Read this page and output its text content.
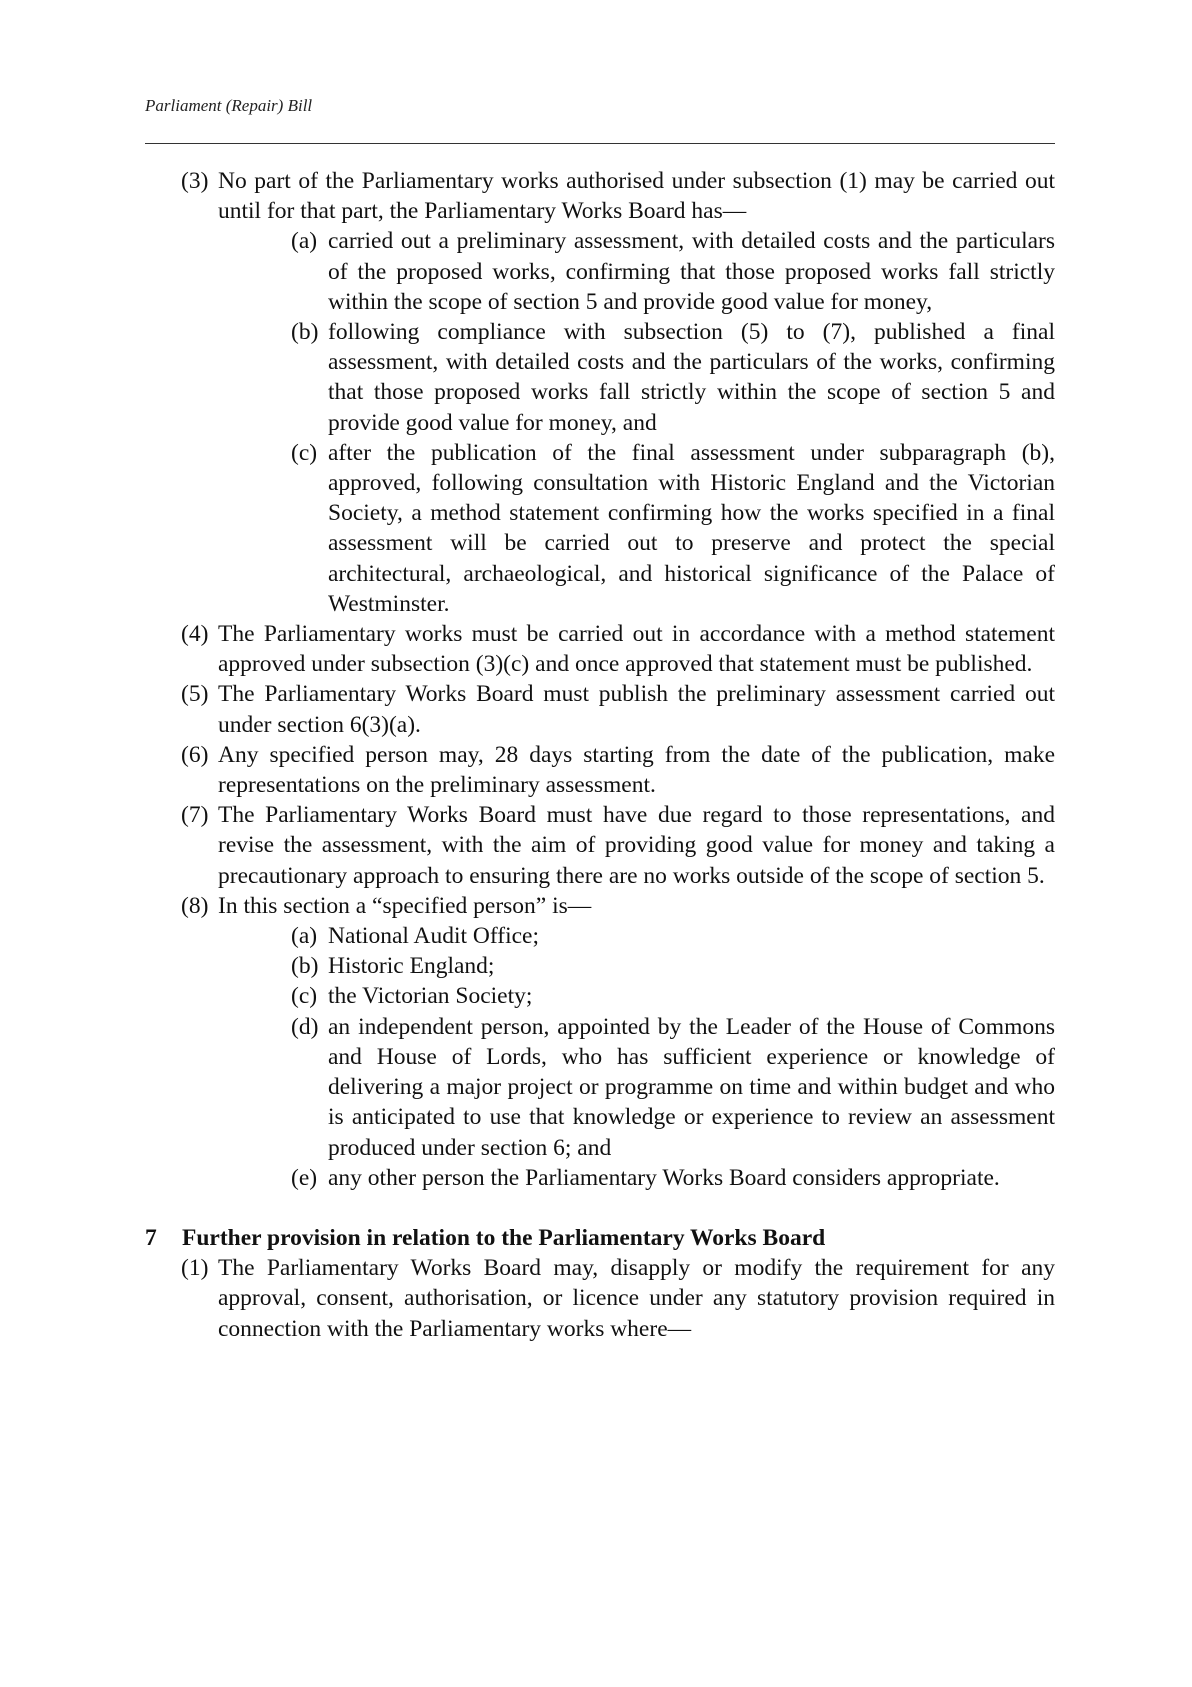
Parliament (Repair) Bill
(3) No part of the Parliamentary works authorised under subsection (1) may be carried out until for that part, the Parliamentary Works Board has—
(a) carried out a preliminary assessment, with detailed costs and the particulars of the proposed works, confirming that those proposed works fall strictly within the scope of section 5 and provide good value for money,
(b) following compliance with subsection (5) to (7), published a final assessment, with detailed costs and the particulars of the works, confirming that those proposed works fall strictly within the scope of section 5 and provide good value for money, and
(c) after the publication of the final assessment under subparagraph (b), approved, following consultation with Historic England and the Victorian Society, a method statement confirming how the works specified in a final assessment will be carried out to preserve and protect the special architectural, archaeological, and historical significance of the Palace of Westminster.
(4) The Parliamentary works must be carried out in accordance with a method statement approved under subsection (3)(c) and once approved that statement must be published.
(5) The Parliamentary Works Board must publish the preliminary assessment carried out under section 6(3)(a).
(6) Any specified person may, 28 days starting from the date of the publication, make representations on the preliminary assessment.
(7) The Parliamentary Works Board must have due regard to those representations, and revise the assessment, with the aim of providing good value for money and taking a precautionary approach to ensuring there are no works outside of the scope of section 5.
(8) In this section a “specified person” is—
(a) National Audit Office;
(b) Historic England;
(c) the Victorian Society;
(d) an independent person, appointed by the Leader of the House of Commons and House of Lords, who has sufficient experience or knowledge of delivering a major project or programme on time and within budget and who is anticipated to use that knowledge or experience to review an assessment produced under section 6; and
(e) any other person the Parliamentary Works Board considers appropriate.
7 Further provision in relation to the Parliamentary Works Board
(1) The Parliamentary Works Board may, disapply or modify the requirement for any approval, consent, authorisation, or licence under any statutory provision required in connection with the Parliamentary works where—
